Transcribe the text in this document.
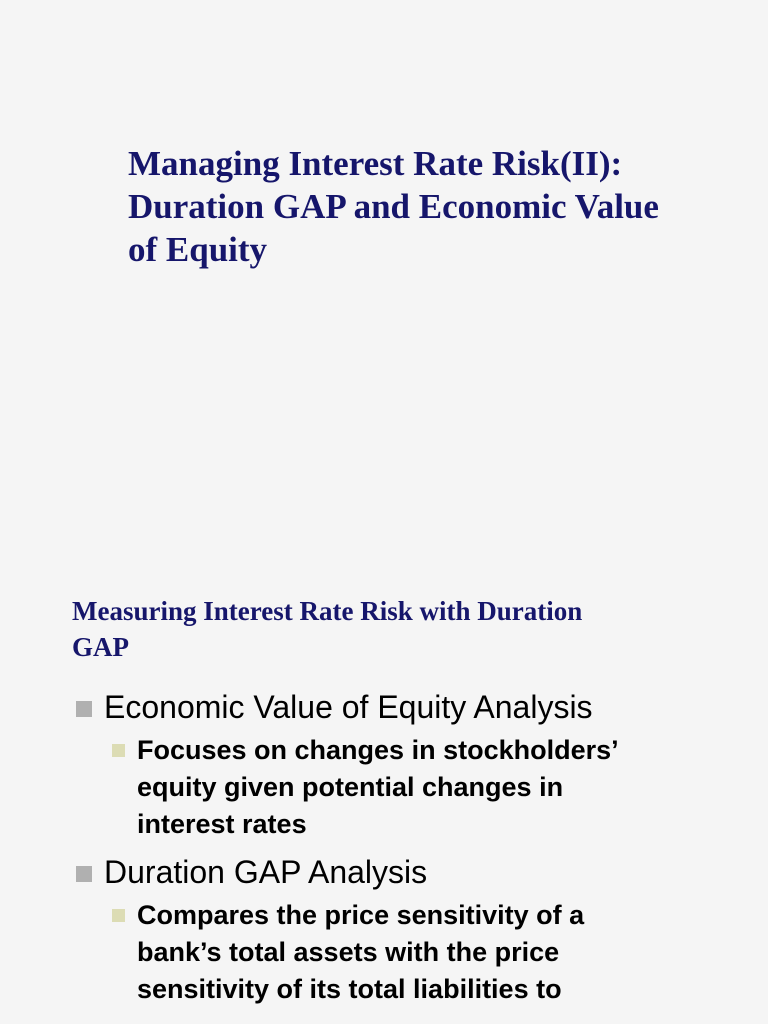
Managing Interest Rate Risk(II):
Duration GAP and Economic Value
of Equity
Measuring Interest Rate Risk with Duration
GAP
Economic Value of Equity Analysis
Focuses on changes in stockholders’
equity given potential changes in
interest rates
Duration GAP Analysis
Compares the price sensitivity of a
bank’s total assets with the price
sensitivity of its total liabilities to
